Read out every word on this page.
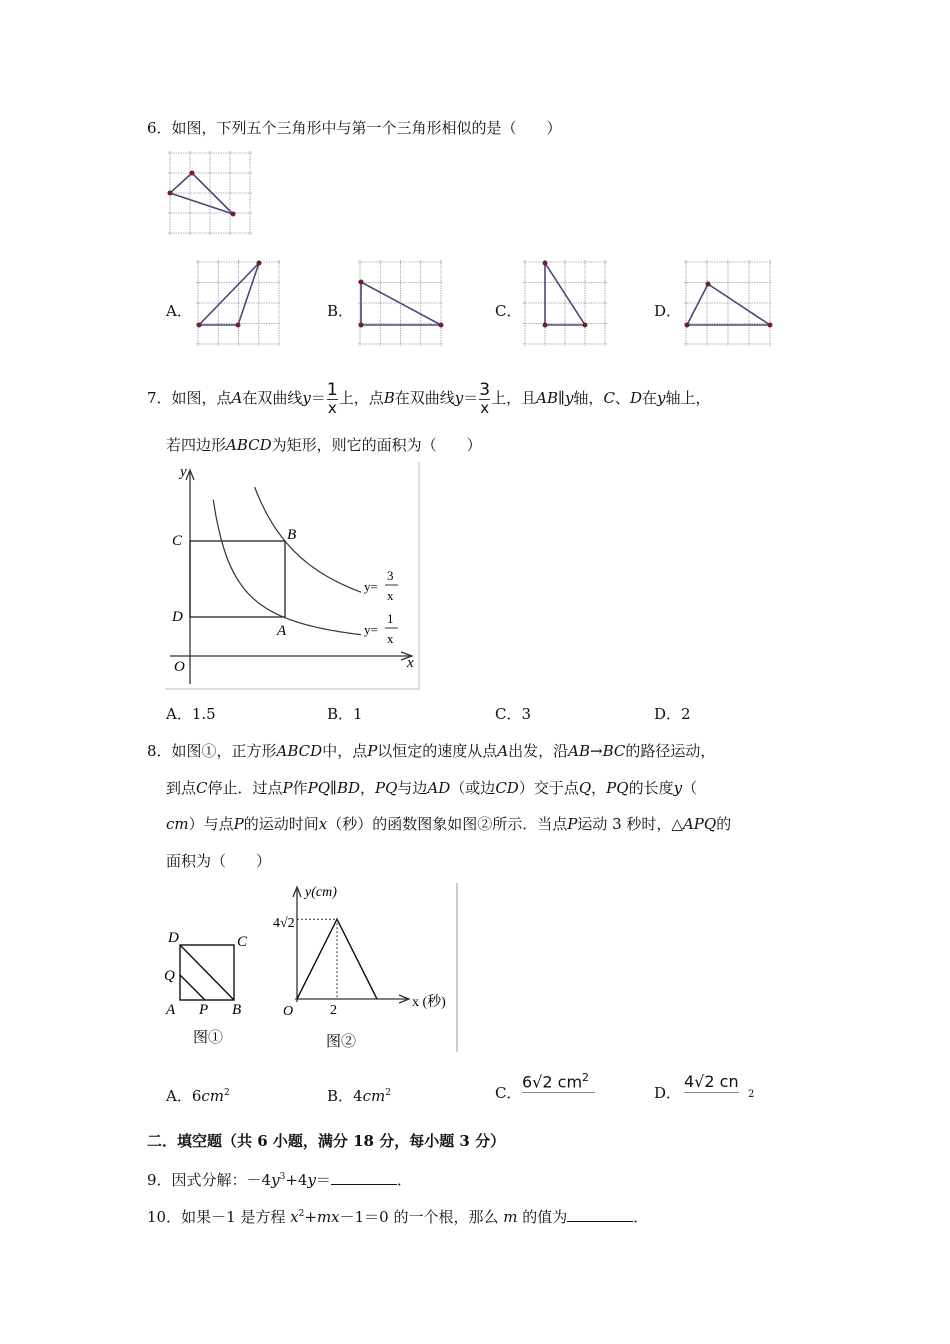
6．如图，下列五个三角形中与第一个三角形相似的是（　　）
A．	B．	C．	D．
7．如图，点A在双曲线$y= \frac{1}{x}$ 上，点B在双曲线$y= \frac{3}{x}$ 上，且AB∥y轴，C、D在y轴上，
若四边形ABCD为矩形，则它的面积为（　　）
y
x
O
C
D
A
B
y=
3
x
y=
1
x
A．1.5	B．1	C．3	D．2
8．如图①，正方形ABCD中，点P以恒定的速度从点A出发，沿AB→BC的路径运动，
到点C停止．过点P作PQ∥BD，PQ与边AD（或边CD）交于点Q，PQ的长度y（
cm）与点P的运动时间x（秒）的函数图象如图②所示．当点P运动 3 秒时，△APQ的
面积为（　　）
D	C
Q
A P B
图①
y(cm)
x (秒)
4√2
2
O
图②
A．$6cm^2$	B．$4cm^2$	C．
6√2 $cm^2$
D．
4√2 cn
2
二．填空题（共 6 小题，满分 18 分，每小题 3 分）
9．因式分解：$-4y^3+4y=$	．
10．如果－1 是方程 $x^2+mx-1=0$ 的一个根，那么 m 的值为	．
